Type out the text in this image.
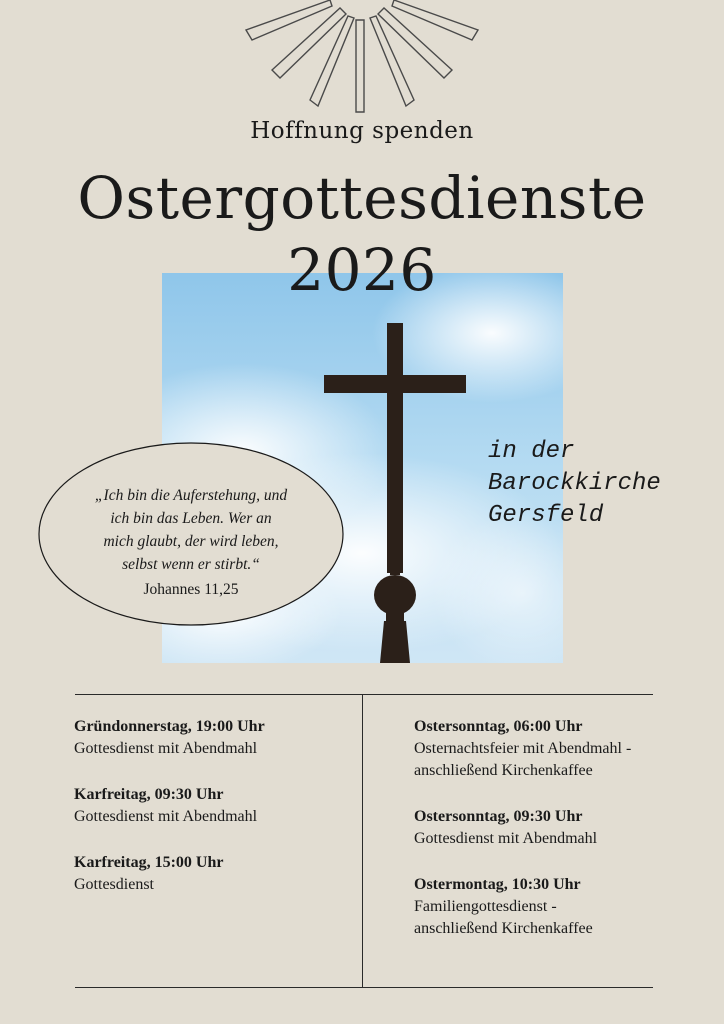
Hoffnung spenden
Ostergottesdienste
2026
in der
Barockkirche
Gersfeld
„Ich bin die Auferstehung, und
ich bin das Leben. Wer an
mich glaubt, der wird leben,
selbst wenn er stirbt.“
Johannes 11,25
Gründonnerstag, 19:00 Uhr
Gottesdienst mit Abendmahl
Karfreitag, 09:30 Uhr
Gottesdienst mit Abendmahl
Karfreitag, 15:00 Uhr
Gottesdienst
Ostersonntag, 06:00 Uhr
Osternachtsfeier mit Abendmahl -
anschließend Kirchenkaffee
Ostersonntag, 09:30 Uhr
Gottesdienst mit Abendmahl
Ostermontag, 10:30 Uhr
Familiengottesdienst -
anschließend Kirchenkaffee
